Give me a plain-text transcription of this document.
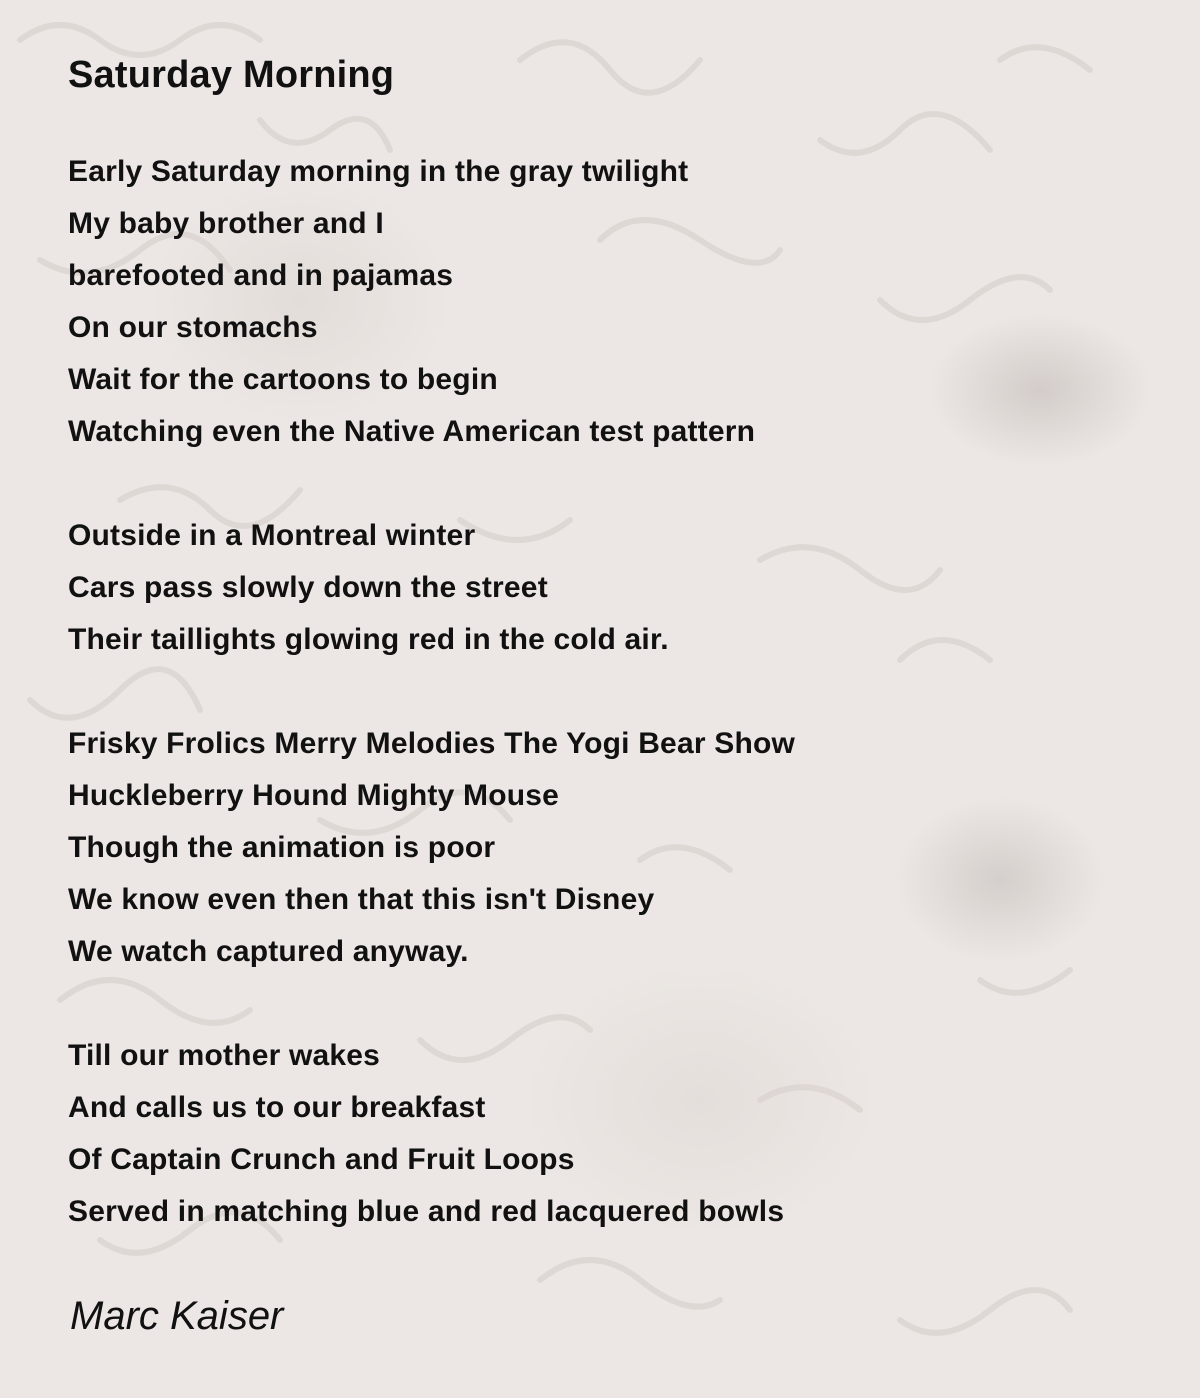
Saturday Morning
Early Saturday morning in the gray twilight
My baby brother and I
barefooted and in pajamas
On our stomachs
Wait for the cartoons to begin
Watching even the Native American test pattern
Outside in a Montreal winter
Cars pass slowly down the street
Their taillights glowing red in the cold air.
Frisky Frolics Merry Melodies The Yogi Bear Show
Huckleberry Hound Mighty Mouse
Though the animation is poor
We know even then that this isn't Disney
We watch captured anyway.
Till our mother wakes
And calls us to our breakfast
Of Captain Crunch and Fruit Loops
Served in matching blue and red lacquered bowls
Marc Kaiser
